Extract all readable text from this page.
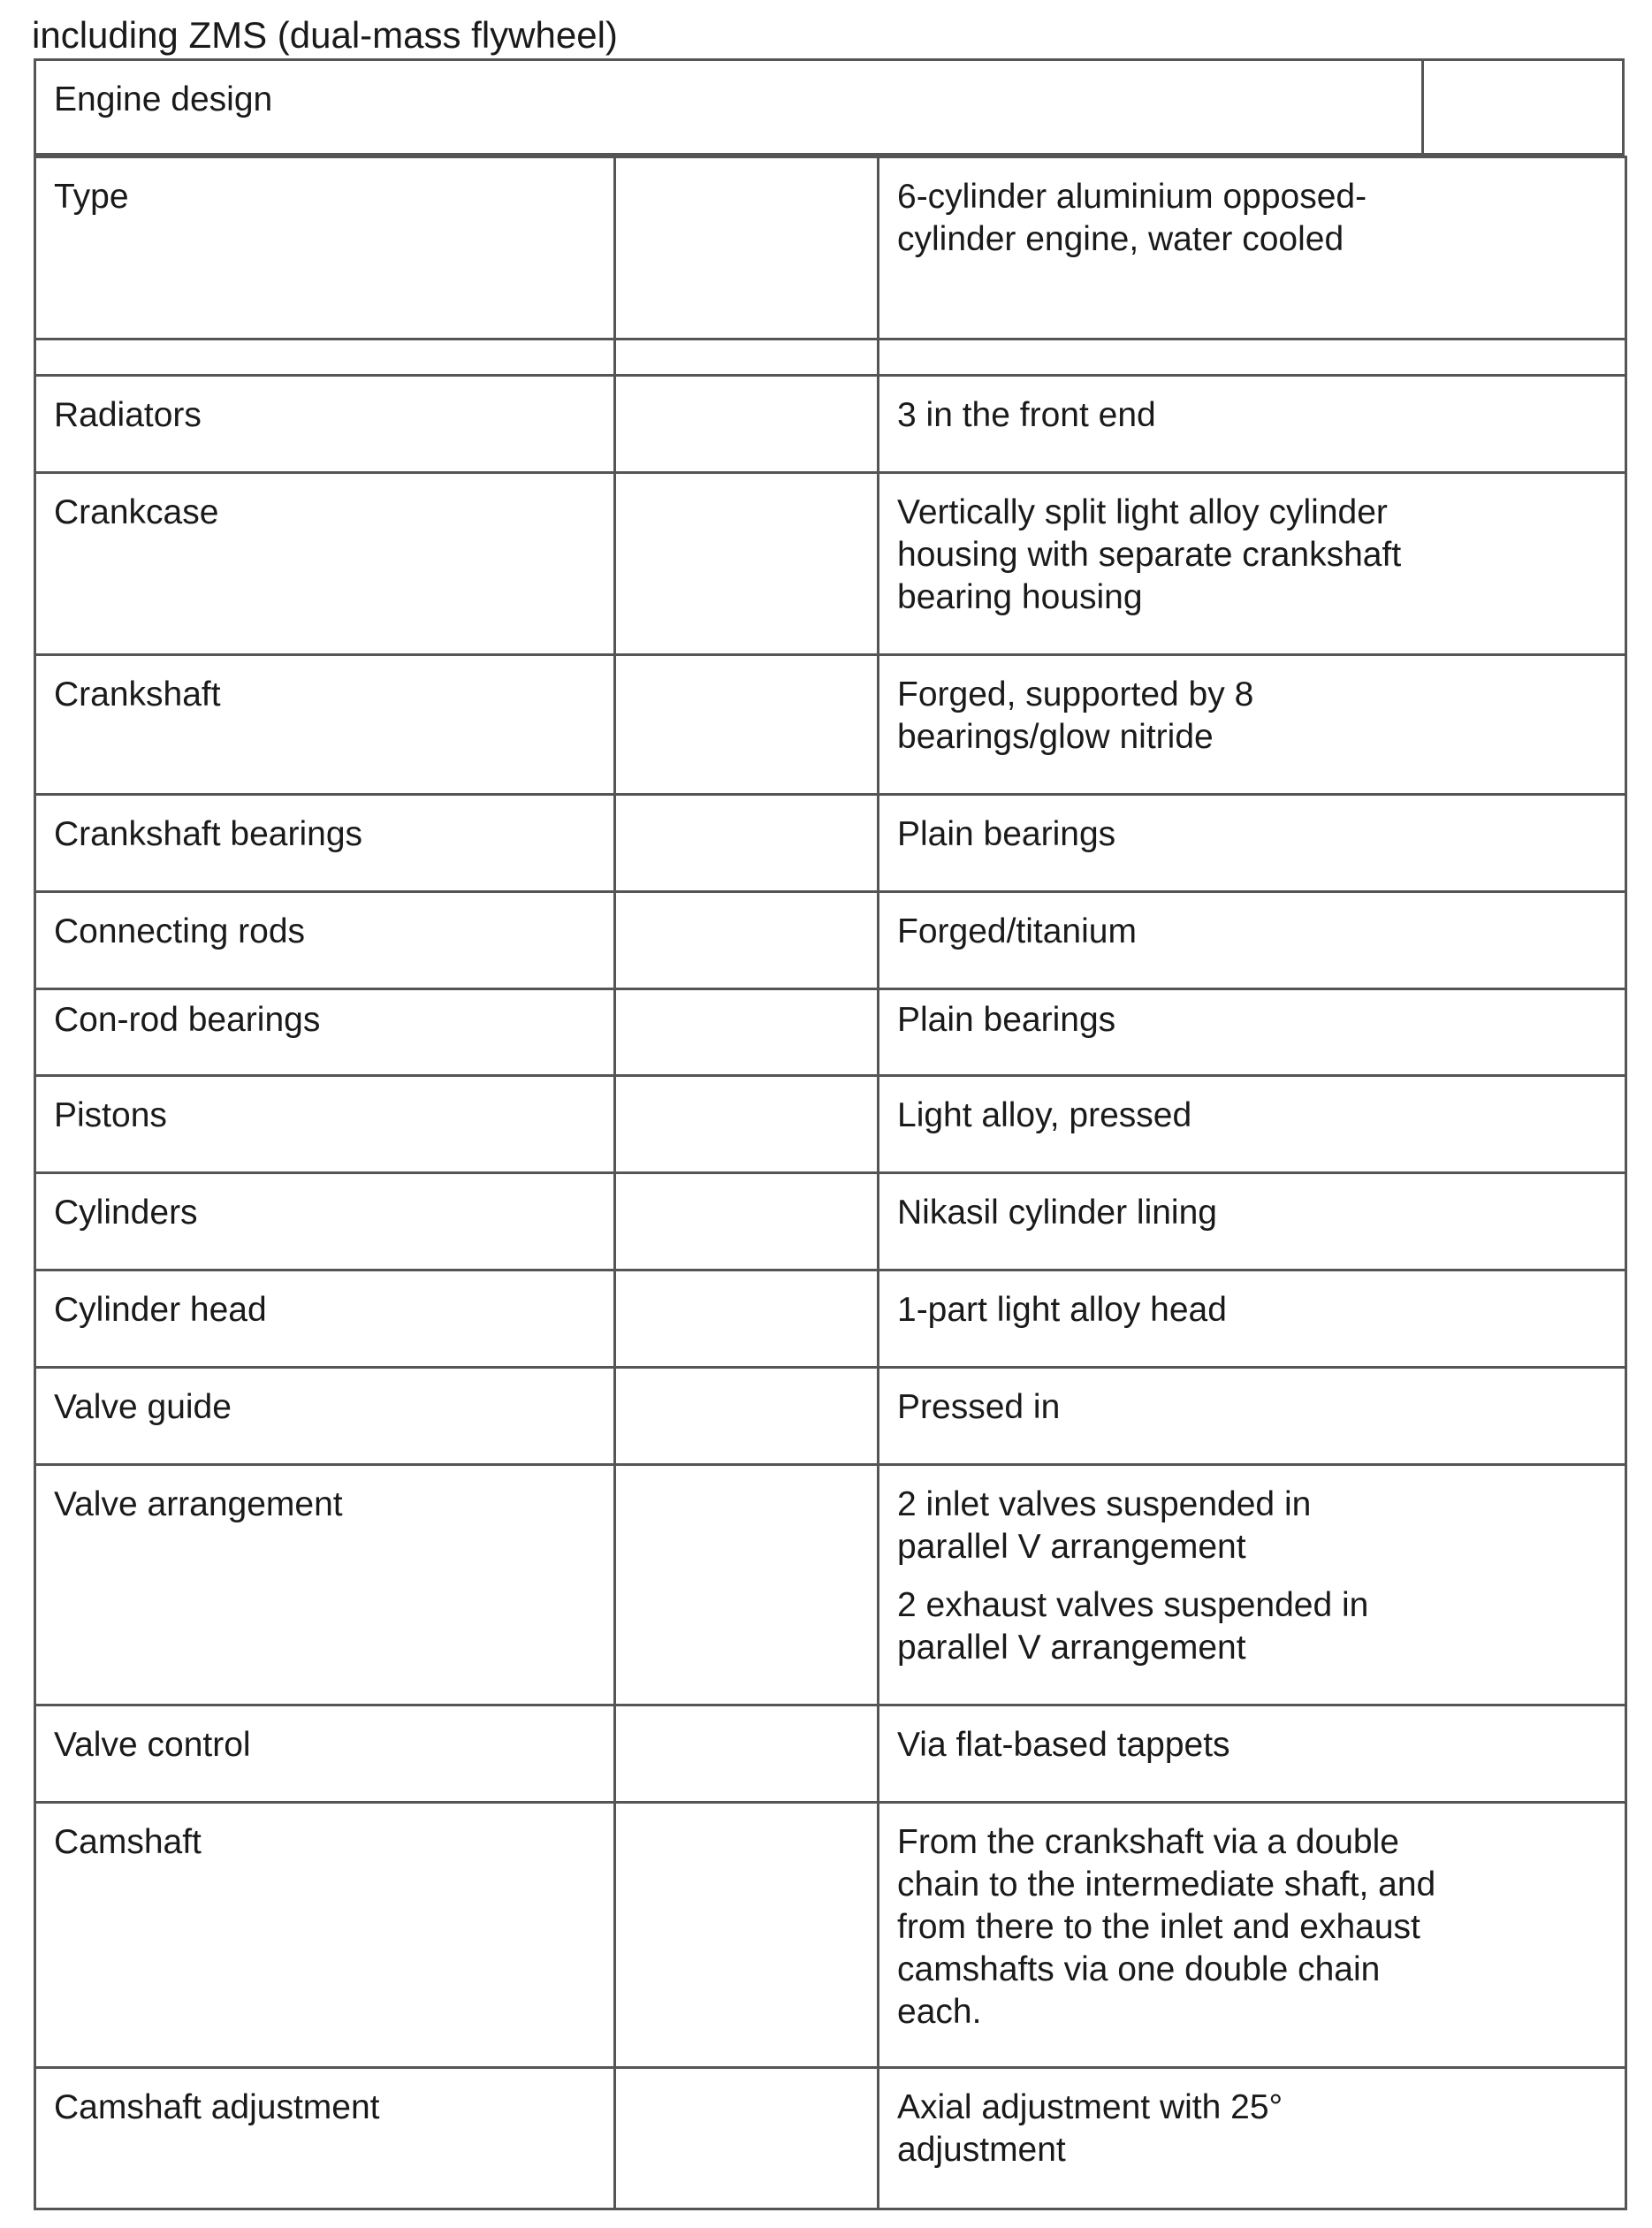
including ZMS (dual-mass flywheel)
Engine design
Type		6-cylinder aluminium opposed-cylinder engine, water cooled

Radiators		3 in the front end

Crankcase		Vertically split light alloy cylinder housing with separate crankshaft bearing housing

Crankshaft		Forged, supported by 8 bearings/glow nitride

Crankshaft bearings		Plain bearings

Connecting rods		Forged/titanium

Con-rod bearings		Plain bearings

Pistons		Light alloy, pressed

Cylinders		Nikasil cylinder lining

Cylinder head		1-part light alloy head

Valve guide		Pressed in

Valve arrangement		2 inlet valves suspended in parallel V arrangement

2 exhaust valves suspended in parallel V arrangement

Valve control		Via flat-based tappets

Camshaft		From the crankshaft via a double chain to the intermediate shaft, and from there to the inlet and exhaust camshafts via one double chain each.

Camshaft adjustment		Axial adjustment with 25° adjustment
